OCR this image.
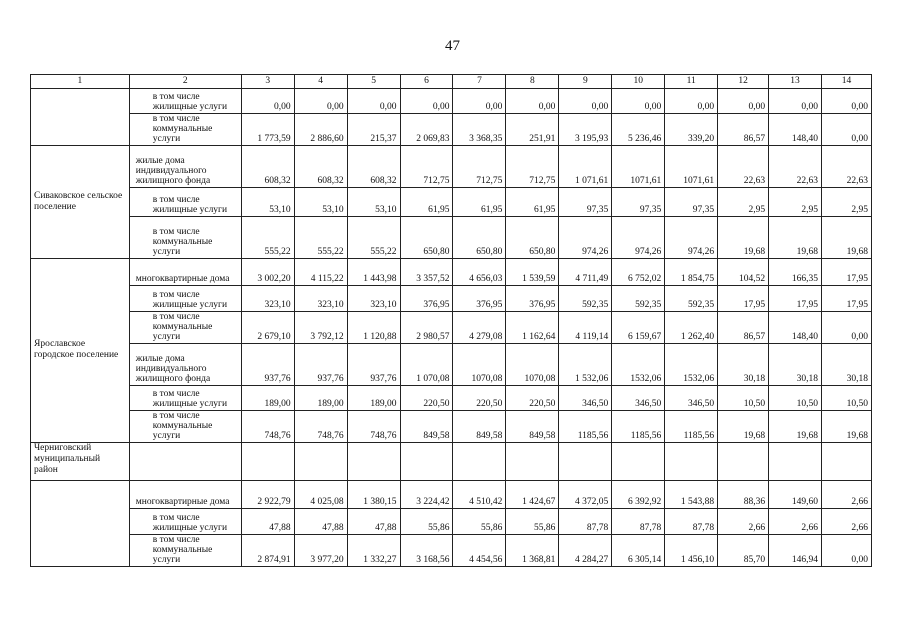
47
1	2	3	4	5	6	7	8	9	10	11	12	13	14

	в том числе жилищные услуги	0,00	0,00	0,00	0,00	0,00	0,00	0,00	0,00	0,00	0,00	0,00	0,00

	в том числе коммунальные услуги	1 773,59	2 886,60	215,37	2 069,83	3 368,35	251,91	3 195,93	5 236,46	339,20	86,57	148,40	0,00
Сиваковское сельское поселение	жилые дома индивидуального жилищного фонда	608,32	608,32	608,32	712,75	712,75	712,75	1 071,61	1071,61	1071,61	22,63	22,63	22,63

	в том числе жилищные услуги	53,10	53,10	53,10	61,95	61,95	61,95	97,35	97,35	97,35	2,95	2,95	2,95

	в том числе коммунальные услуги	555,22	555,22	555,22	650,80	650,80	650,80	974,26	974,26	974,26	19,68	19,68	19,68
Ярославское городское поселение	многоквартирные дома	3 002,20	4 115,22	1 443,98	3 357,52	4 656,03	1 539,59	4 711,49	6 752,02	1 854,75	104,52	166,35	17,95

	в том числе жилищные услуги	323,10	323,10	323,10	376,95	376,95	376,95	592,35	592,35	592,35	17,95	17,95	17,95

	в том числе коммунальные услуги	2 679,10	3 792,12	1 120,88	2 980,57	4 279,08	1 162,64	4 119,14	6 159,67	1 262,40	86,57	148,40	0,00

	жилые дома индивидуального жилищного фонда	937,76	937,76	937,76	1 070,08	1070,08	1070,08	1 532,06	1532,06	1532,06	30,18	30,18	30,18

	в том числе жилищные услуги	189,00	189,00	189,00	220,50	220,50	220,50	346,50	346,50	346,50	10,50	10,50	10,50

	в том числе коммунальные услуги	748,76	748,76	748,76	849,58	849,58	849,58	1185,56	1185,56	1185,56	19,68	19,68	19,68
Черниговский муниципальный район	

	многоквартирные дома	2 922,79	4 025,08	1 380,15	3 224,42	4 510,42	1 424,67	4 372,05	6 392,92	1 543,88	88,36	149,60	2,66

	в том числе жилищные услуги	47,88	47,88	47,88	55,86	55,86	55,86	87,78	87,78	87,78	2,66	2,66	2,66

	в том числе коммунальные услуги	2 874,91	3 977,20	1 332,27	3 168,56	4 454,56	1 368,81	4 284,27	6 305,14	1 456,10	85,70	146,94	0,00
